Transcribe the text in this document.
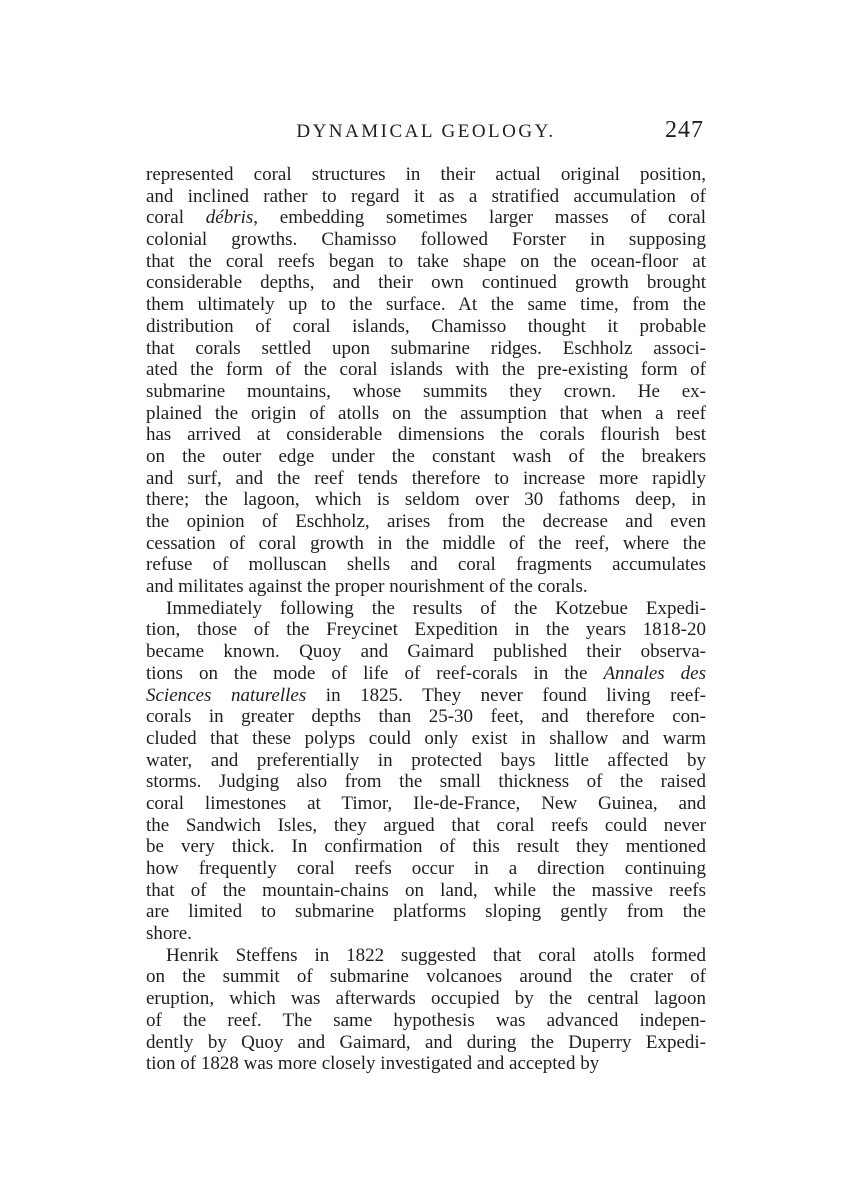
DYNAMICAL GEOLOGY.	247
represented coral structures in their actual original position,
and inclined rather to regard it as a stratified accumulation of
coral débris, embedding sometimes larger masses of coral
colonial growths. Chamisso followed Forster in supposing
that the coral reefs began to take shape on the ocean-floor at
considerable depths, and their own continued growth brought
them ultimately up to the surface. At the same time, from the
distribution of coral islands, Chamisso thought it probable
that corals settled upon submarine ridges. Eschholz associ-
ated the form of the coral islands with the pre-existing form of
submarine mountains, whose summits they crown. He ex-
plained the origin of atolls on the assumption that when a reef
has arrived at considerable dimensions the corals flourish best
on the outer edge under the constant wash of the breakers
and surf, and the reef tends therefore to increase more rapidly
there; the lagoon, which is seldom over 30 fathoms deep, in
the opinion of Eschholz, arises from the decrease and even
cessation of coral growth in the middle of the reef, where the
refuse of molluscan shells and coral fragments accumulates
and militates against the proper nourishment of the corals.
Immediately following the results of the Kotzebue Expedi-
tion, those of the Freycinet Expedition in the years 1818-20
became known. Quoy and Gaimard published their observa-
tions on the mode of life of reef-corals in the Annales des
Sciences naturelles in 1825. They never found living reef-
corals in greater depths than 25-30 feet, and therefore con-
cluded that these polyps could only exist in shallow and warm
water, and preferentially in protected bays little affected by
storms. Judging also from the small thickness of the raised
coral limestones at Timor, Ile-de-France, New Guinea, and
the Sandwich Isles, they argued that coral reefs could never
be very thick. In confirmation of this result they mentioned
how frequently coral reefs occur in a direction continuing
that of the mountain-chains on land, while the massive reefs
are limited to submarine platforms sloping gently from the
shore.
Henrik Steffens in 1822 suggested that coral atolls formed
on the summit of submarine volcanoes around the crater of
eruption, which was afterwards occupied by the central lagoon
of the reef. The same hypothesis was advanced indepen-
dently by Quoy and Gaimard, and during the Duperry Expedi-
tion of 1828 was more closely investigated and accepted by
